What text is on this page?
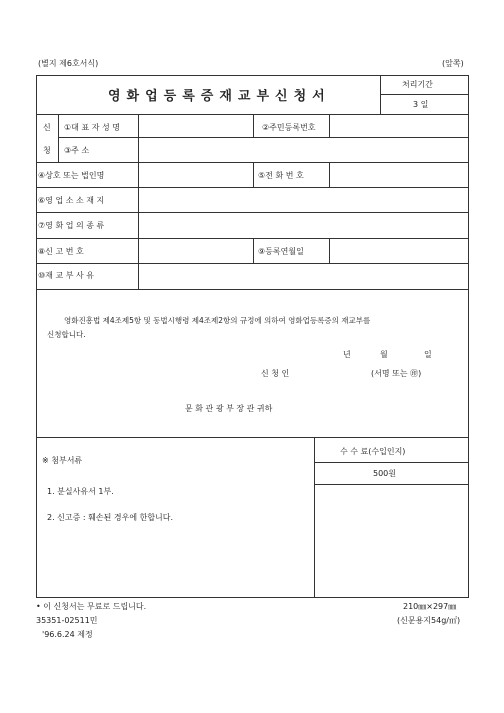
(별지 제6호서식)	(앞쪽)
영화업등록증재교부신청서
처리기간
3 일
신
청
①대 표 자 성 명	②주민등록번호
③주 소
④상호 또는 법인명	⑤전 화 번 호
⑥영 업 소 소 재 지
⑦영 화 업 의 종 류
⑧신 고 번 호	⑨등록연월일
⑩재 교 부 사 유
영화진흥법 제4조제5항 및 동법시행령 제4조제2항의 규정에 의하여 영화업등록증의 재교부를
신청합니다.
년	월	일
신 청 인	(서명 또는 ㊞)
문 화 관 광 부 장 관 귀하
※ 첨부서류
1. 분실사유서 1부.
2. 신고증 : 훼손된 경우에 한합니다.
수 수 료(수입인지)
500원
• 이 신청서는 무료로 드립니다.	210㎜×297㎜
35351-02511민	(신문용지54g/㎡)
'96.6.24 제정
